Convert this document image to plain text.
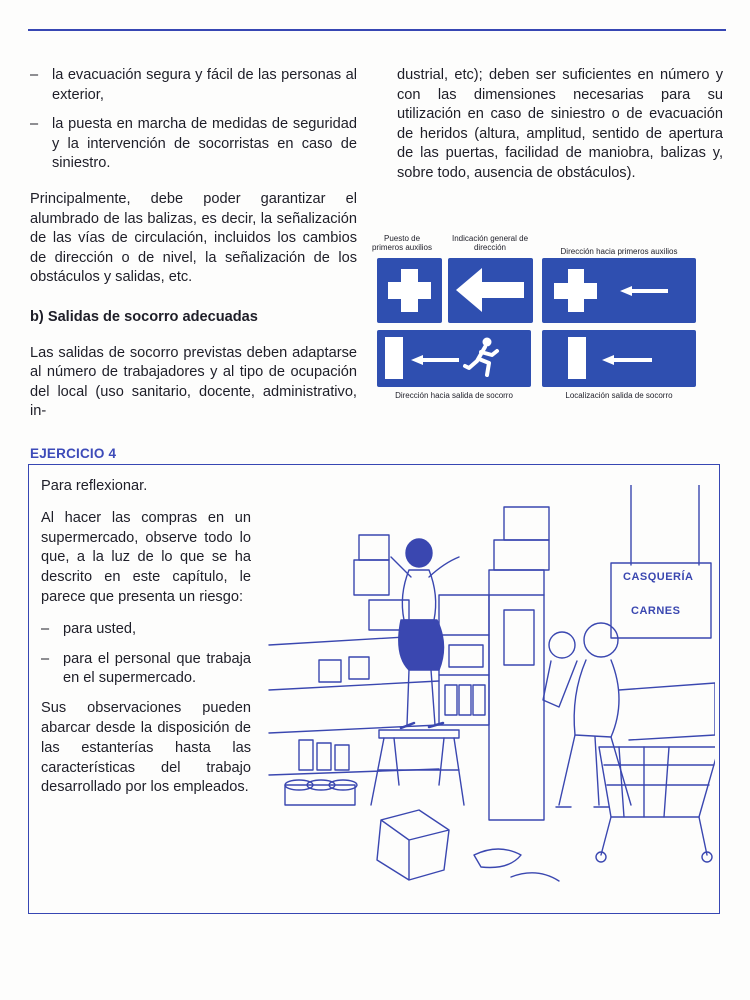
– la evacuación segura y fácil de las personas al exterior,
– la puesta en marcha de medidas de seguridad y la intervención de socorristas en caso de siniestro.

Principalmente, debe poder garantizar el alumbrado de las balizas, es decir, la señalización de las vías de circulación, incluidos los cambios de dirección o de nivel, la señalización de los obstáculos y salidas, etc.

b) Salidas de socorro adecuadas

Las salidas de socorro previstas deben adaptarse al número de trabajadores y al tipo de ocupación del local (uso sanitario, docente, administrativo, in-

dustrial, etc); deben ser suficientes en número y con las dimensiones necesarias para su utilización en caso de siniestro o de evacuación de heridos (altura, amplitud, sentido de apertura de las puertas, facilidad de maniobra, balizas y, sobre todo, ausencia de obstáculos).

Puesto de primeros auxilios
Indicación general de dirección	Dirección hacia primeros auxilios
Dirección hacia salida de socorro	Localización salida de socorro
EJERCICIO 4

Para reflexionar.

Al hacer las compras en un supermercado, observe todo lo que, a la luz de lo que se ha descrito en este capítulo, le parece que presenta un riesgo:

– para usted,
– para el personal que trabaja en el supermercado.

Sus observaciones pueden abarcar desde la disposición de las estanterías hasta las características del trabajo desarrollado por los empleados.

CASQUERÍA
CARNES
